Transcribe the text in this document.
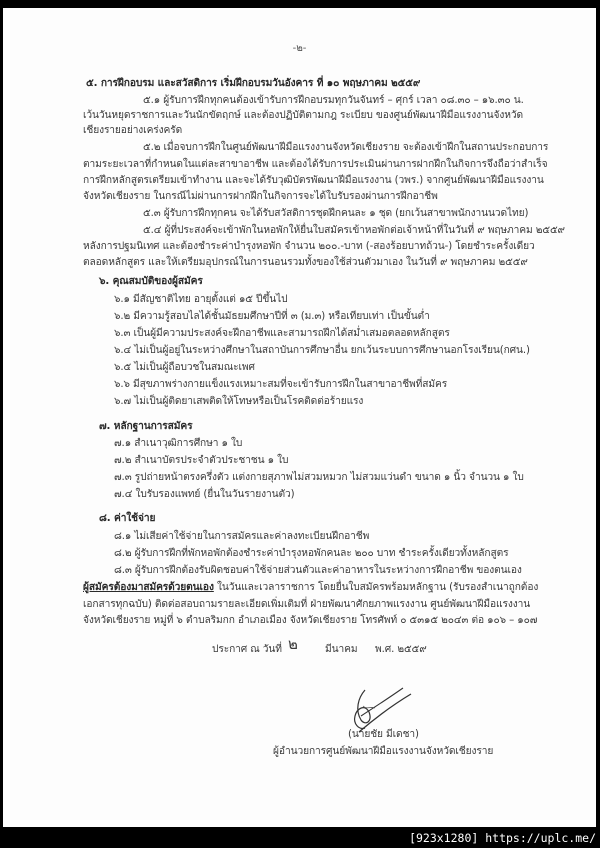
-๒-
๕. การฝึกอบรม และสวัสดิการ เริ่มฝึกอบรมวันอังคาร ที่ ๑๐ พฤษภาคม ๒๕๕๙
๕.๑ ผู้รับการฝึกทุกคนต้องเข้ารับการฝึกอบรมทุกวันจันทร์ – ศุกร์ เวลา ๐๘.๓๐ – ๑๖.๓๐ น.
เว้นวันหยุดราชการและวันนักขัตฤกษ์ และต้องปฏิบัติตามกฎ ระเบียบ ของศูนย์พัฒนาฝีมือแรงงานจังหวัด
เชียงรายอย่างเคร่งครัด
๕.๒ เมื่อจบการฝึกในศูนย์พัฒนาฝีมือแรงงานจังหวัดเชียงราย จะต้องเข้าฝึกในสถานประกอบการ
ตามระยะเวลาที่กำหนดในแต่ละสาขาอาชีพ และต้องได้รับการประเมินผ่านการฝากฝึกในกิจการจึงถือว่าสำเร็จ
การฝึกหลักสูตรเตรียมเข้าทำงาน และจะได้รับวุฒิบัตรพัฒนาฝีมือแรงงาน (วพร.) จากศูนย์พัฒนาฝีมือแรงงาน
จังหวัดเชียงราย ในกรณีไม่ผ่านการฝากฝึกในกิจการจะได้ใบรับรองผ่านการฝึกอาชีพ
๕.๓ ผู้รับการฝึกทุกคน จะได้รับสวัสดิการชุดฝึกคนละ ๑ ชุด (ยกเว้นสาขาพนักงานนวดไทย)
๕.๔ ผู้ที่ประสงค์จะเข้าพักในหอพักให้ยื่นใบสมัครเข้าหอพักต่อเจ้าหน้าที่ในวันที่ ๙ พฤษภาคม ๒๕๕๙
หลังการปฐมนิเทศ และต้องชำระค่าบำรุงหอพัก จำนวน ๒๐๐.-บาท (-สองร้อยบาทถ้วน-) โดยชำระครั้งเดียว
ตลอดหลักสูตร และให้เตรียมอุปกรณ์ในการนอนรวมทั้งของใช้ส่วนตัวมาเอง ในวันที่ ๙ พฤษภาคม ๒๕๕๙
๖. คุณสมบัติของผู้สมัคร
๖.๑ มีสัญชาติไทย อายุตั้งแต่ ๑๕ ปีขึ้นไป
๖.๒ มีความรู้สอบไลได้ชั้นมัธยมศึกษาปีที่ ๓ (ม.๓) หรือเทียบเท่า เป็นขั้นต่ำ
๖.๓ เป็นผู้มีความประสงค์จะฝึกอาชีพและสามารถฝึกได้สม่ำเสมอตลอดหลักสูตร
๖.๔ ไม่เป็นผู้อยู่ในระหว่างศึกษาในสถาบันการศึกษาอื่น ยกเว้นระบบการศึกษานอกโรงเรียน(กศน.)
๖.๕ ไม่เป็นผู้ถือบวชในสมณะเพศ
๖.๖ มีสุขภาพร่างกายแข็งแรงเหมาะสมที่จะเข้ารับการฝึกในสาขาอาชีพที่สมัคร
๖.๗ ไม่เป็นผู้ติดยาเสพติดให้โทษหรือเป็นโรคติดต่อร้ายแรง
๗. หลักฐานการสมัคร
๗.๑ สำเนาวุฒิการศึกษา ๑ ใบ
๗.๒ สำเนาบัตรประจำตัวประชาชน ๑ ใบ
๗.๓ รูปถ่ายหน้าตรงครึ่งตัว แต่งกายสุภาพไม่สวมหมวก ไม่สวมแว่นดำ ขนาด ๑ นิ้ว จำนวน ๑ ใบ
๗.๔ ใบรับรองแพทย์ (ยื่นในวันรายงานตัว)
๘. ค่าใช้จ่าย
๘.๑ ไม่เสียค่าใช้จ่ายในการสมัครและค่าลงทะเบียนฝึกอาชีพ
๘.๒ ผู้รับการฝึกที่พักหอพักต้องชำระค่าบำรุงหอพักคนละ ๒๐๐ บาท ชำระครั้งเดียวทั้งหลักสูตร
๘.๓ ผู้รับการฝึกต้องรับผิดชอบค่าใช้จ่ายส่วนตัวและค่าอาหารในระหว่างการฝึกอาชีพ ของตนเอง
ผู้สมัครต้องมาสมัครด้วยตนเอง ในวันและเวลาราชการ โดยยื่นใบสมัครพร้อมหลักฐาน (รับรองสำเนาถูกต้อง
เอกสารทุกฉบับ) ติดต่อสอบถามรายละเอียดเพิ่มเติมที่ ฝ่ายพัฒนาศักยภาพแรงงาน ศูนย์พัฒนาฝีมือแรงงาน
จังหวัดเชียงราย หมู่ที่ ๖ ตำบลริมกก อำเภอเมือง จังหวัดเชียงราย โทรศัพท์ ๐ ๕๓๑๕ ๒๐๔๓ ต่อ ๑๐๖ – ๑๐๗
ประกาศ ณ วันที่ ๒	มีนาคม พ.ศ. ๒๕๕๙
(นายชัย มีเดชา)
ผู้อำนวยการศูนย์พัฒนาฝีมือแรงงานจังหวัดเชียงราย
[923x1280] https://uplc.me/
